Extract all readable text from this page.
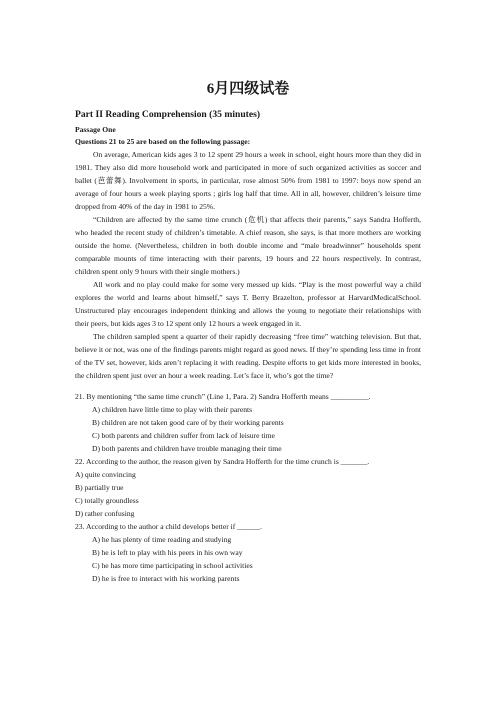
6月四级试卷

Part II Reading Comprehension (35 minutes)

Passage One

Questions 21 to 25 are based on the following passage:

On average, American kids ages 3 to 12 spent 29 hours a week in school, eight hours more than they did in 1981. They also did more household work and participated in more of such organized activities as soccer and ballet (芭蕾舞). Involvement in sports, in particular, rose almost 50% from 1981 to 1997: boys now spend an average of four hours a week playing sports ; girls log half that time. All in all, however, children’s leisure time dropped from 40% of the day in 1981 to 25%.

“Children are affected by the same time crunch (危机) that affects their parents,” says Sandra Hofferth, who headed the recent study of children’s timetable. A chief reason, she says, is that more mothers are working outside the home. (Nevertheless, children in both double income and “male breadwinner” households spent comparable mounts of time interacting with their parents, 19 hours and 22 hours respectively. In contrast, children spent only 9 hours with their single mothers.)

All work and no play could make for some very messed up kids. “Play is the most powerful way a child explores the world and learns about himself,” says T. Berry Brazelton, professor at HarvardMedicalSchool. Unstructured play encourages independent thinking and allows the young to negotiate their relationships with their peers, but kids ages 3 to 12 spent only 12 hours a week engaged in it.

The children sampled spent a quarter of their rapidly decreasing “free time” watching television. But that, believe it or not, was one of the findings parents might regard as good news. If they’re spending less time in front of the TV set, however, kids aren’t replacing it with reading. Despite efforts to get kids more interested in books, the children spent just over an hour a week reading. Let’s face it, who’s got the time?

21. By mentioning “the same time crunch” (Line 1, Para. 2) Sandra Hofferth means __________.

A) children have little time to play with their parents

B) children are not taken good care of by their working parents

C) both parents and children suffer from lack of leisure time

D) both parents and children have trouble managing their time

22. According to the author, the reason given by Sandra Hofferth for the time crunch is _______.

A) quite convincing

B) partially true

C) totally groundless

D) rather confusing

23. According to the author a child develops better if ______.

A) he has plenty of time reading and studying

B) he is left to play with his peers in his own way

C) he has more time participating in school activities

D) he is free to interact with his working parents
